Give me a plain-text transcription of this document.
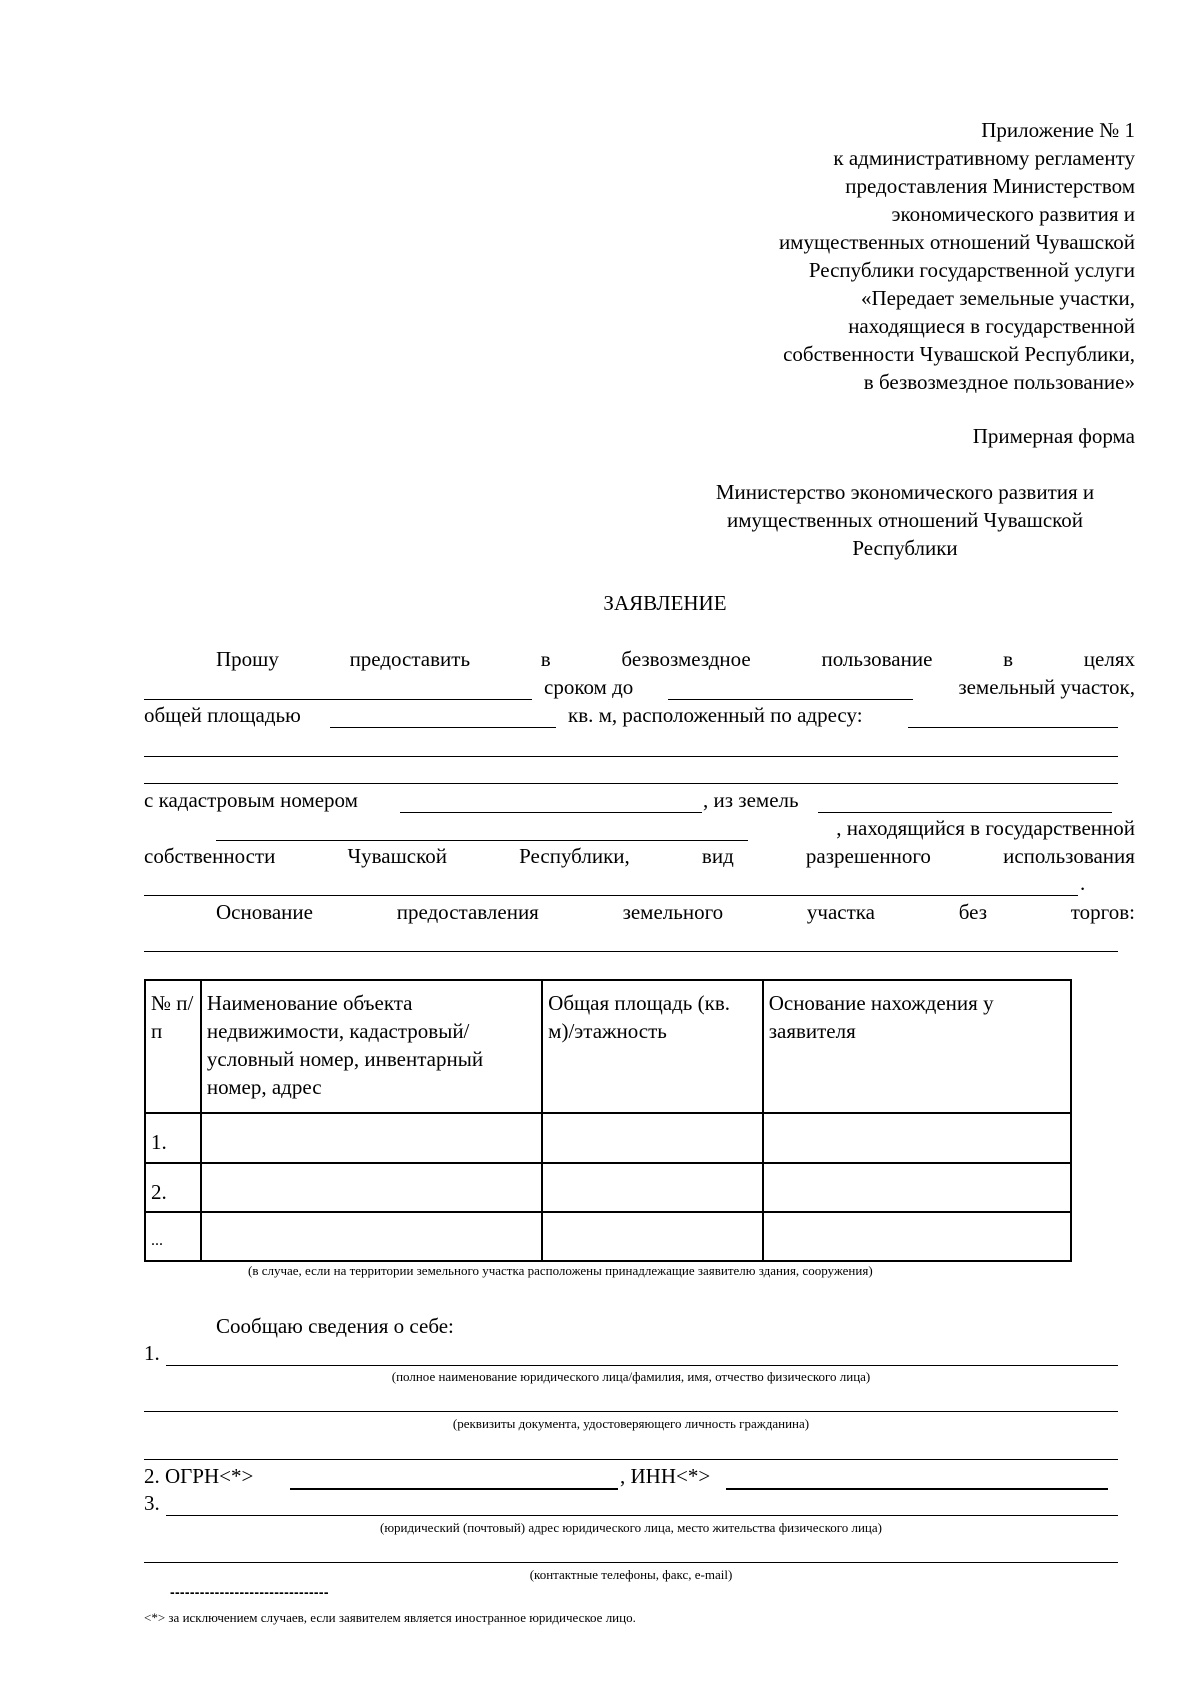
Приложение № 1
к административному регламенту
предоставления Министерством
экономического развития и
имущественных отношений Чувашской
Республики государственной услуги
«Передает земельные участки,
находящиеся в государственной
собственности Чувашской Республики,
в безвозмездное пользование»
Примерная форма
Министерство экономического развития и
имущественных отношений Чувашской
Республики
ЗАЯВЛЕНИЕ
Прошу	предоставить	в	безвозмездное	пользование	в	целях
сроком до	земельный участок,
общей площадью	кв. м, расположенный по адресу:
с кадастровым номером	, из земель
, находящийся в государственной
собственности	Чувашской	Республики,	вид	разрешенного	использования
.
Основание	предоставления	земельного	участка	без	торгов:
№ п/п	Наименование объекта недвижимости, кадастровый/условный номер, инвентарный номер, адрес	Общая площадь (кв. м)/этажность	Основание нахождения у заявителя
1.			
2.			
...			
(в случае, если на территории земельного участка расположены принадлежащие заявителю здания, сооружения)
Сообщаю сведения о себе:
1.
(полное наименование юридического лица/фамилия, имя, отчество физического лица)
(реквизиты документа, удостоверяющего личность гражданина)
2. ОГРН<*>	, ИНН<*>
3.
(юридический (почтовый) адрес юридического лица, место жительства физического лица)
(контактные телефоны, факс, e-mail)
--------------------------------
<*> за исключением случаев, если заявителем является иностранное юридическое лицо.
